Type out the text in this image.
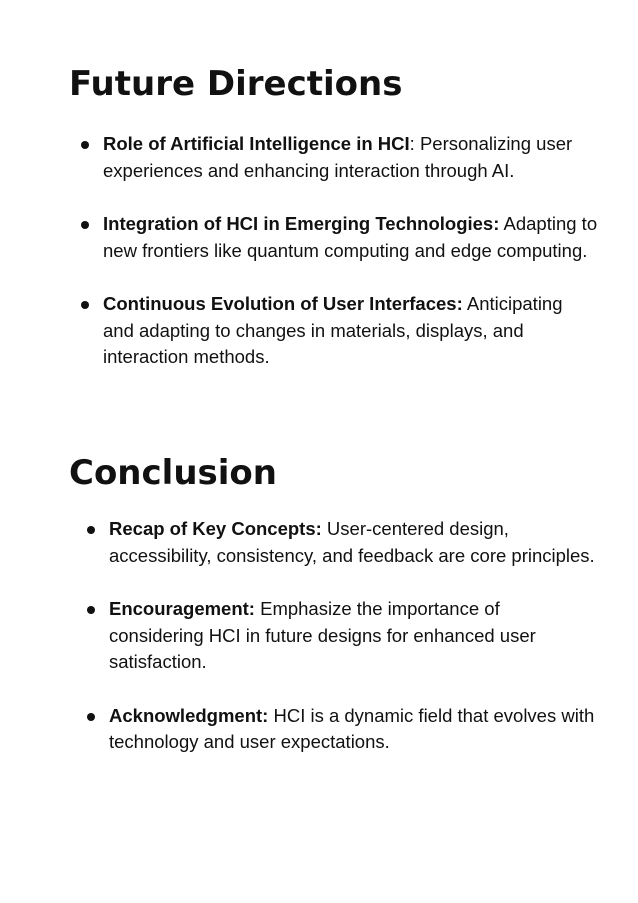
Future Directions
Role of Artificial Intelligence in HCI: Personalizing user experiences and enhancing interaction through AI.
Integration of HCI in Emerging Technologies: Adapting to new frontiers like quantum computing and edge computing.
Continuous Evolution of User Interfaces: Anticipating and adapting to changes in materials, displays, and interaction methods.
Conclusion
Recap of Key Concepts: User-centered design, accessibility, consistency, and feedback are core principles.
Encouragement: Emphasize the importance of considering HCI in future designs for enhanced user satisfaction.
Acknowledgment: HCI is a dynamic field that evolves with technology and user expectations.
